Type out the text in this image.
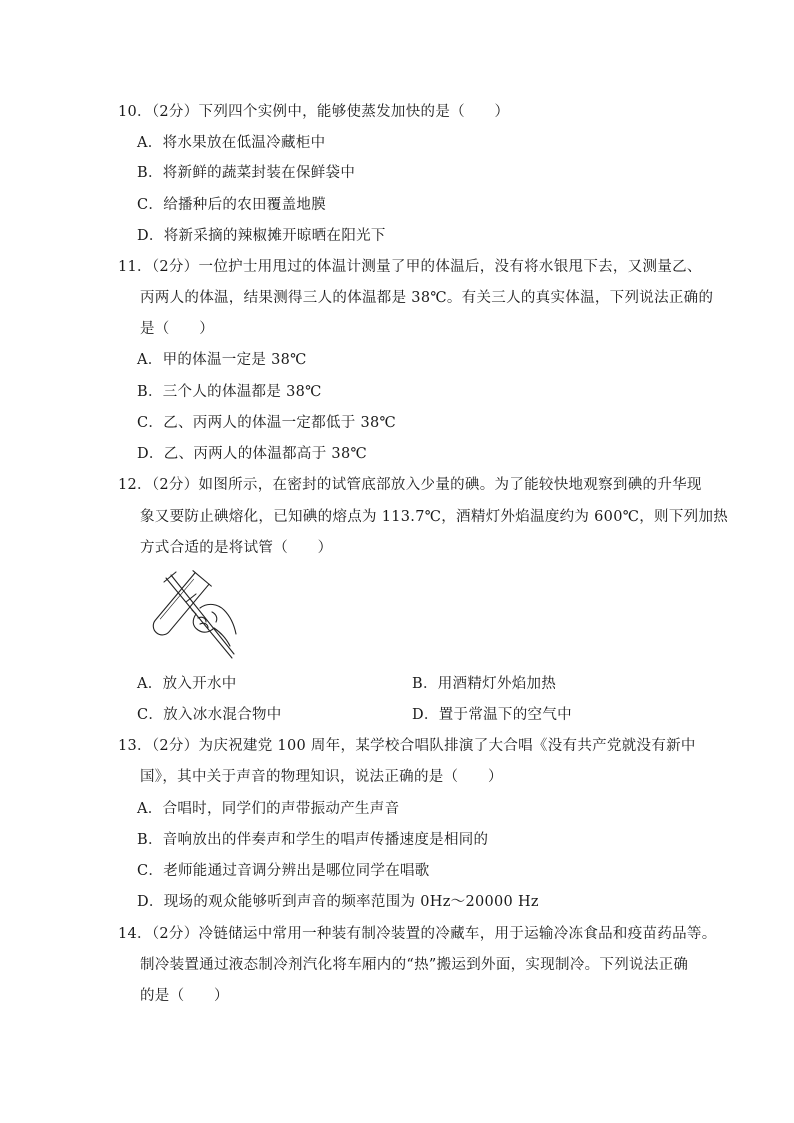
10．（2分）下列四个实例中，能够使蒸发加快的是（　　）
A．将水果放在低温冷藏柜中
B．将新鲜的蔬菜封装在保鲜袋中
C．给播种后的农田覆盖地膜
D．将新采摘的辣椒摊开晾晒在阳光下
11．（2分）一位护士用甩过的体温计测量了甲的体温后，没有将水银甩下去，又测量乙、
丙两人的体温，结果测得三人的体温都是 38℃。有关三人的真实体温，下列说法正确的
是（　　）
A．甲的体温一定是 38℃
B．三个人的体温都是 38℃
C．乙、丙两人的体温一定都低于 38℃
D．乙、丙两人的体温都高于 38℃
12．（2分）如图所示，在密封的试管底部放入少量的碘。为了能较快地观察到碘的升华现
象又要防止碘熔化，已知碘的熔点为 113.7℃，酒精灯外焰温度约为 600℃，则下列加热
方式合适的是将试管（　　）
A．放入开水中	B．用酒精灯外焰加热
C．放入冰水混合物中	D．置于常温下的空气中
13．（2分）为庆祝建党 100 周年，某学校合唱队排演了大合唱《没有共产党就没有新中
国》，其中关于声音的物理知识，说法正确的是（　　）
A．合唱时，同学们的声带振动产生声音
B．音响放出的伴奏声和学生的唱声传播速度是相同的
C．老师能通过音调分辨出是哪位同学在唱歌
D．现场的观众能够听到声音的频率范围为 0Hz～20000 Hz
14．（2分）冷链储运中常用一种装有制冷装置的冷藏车，用于运输冷冻食品和疫苗药品等。
制冷装置通过液态制冷剂汽化将车厢内的“热”搬运到外面，实现制冷。下列说法正确
的是（　　）
